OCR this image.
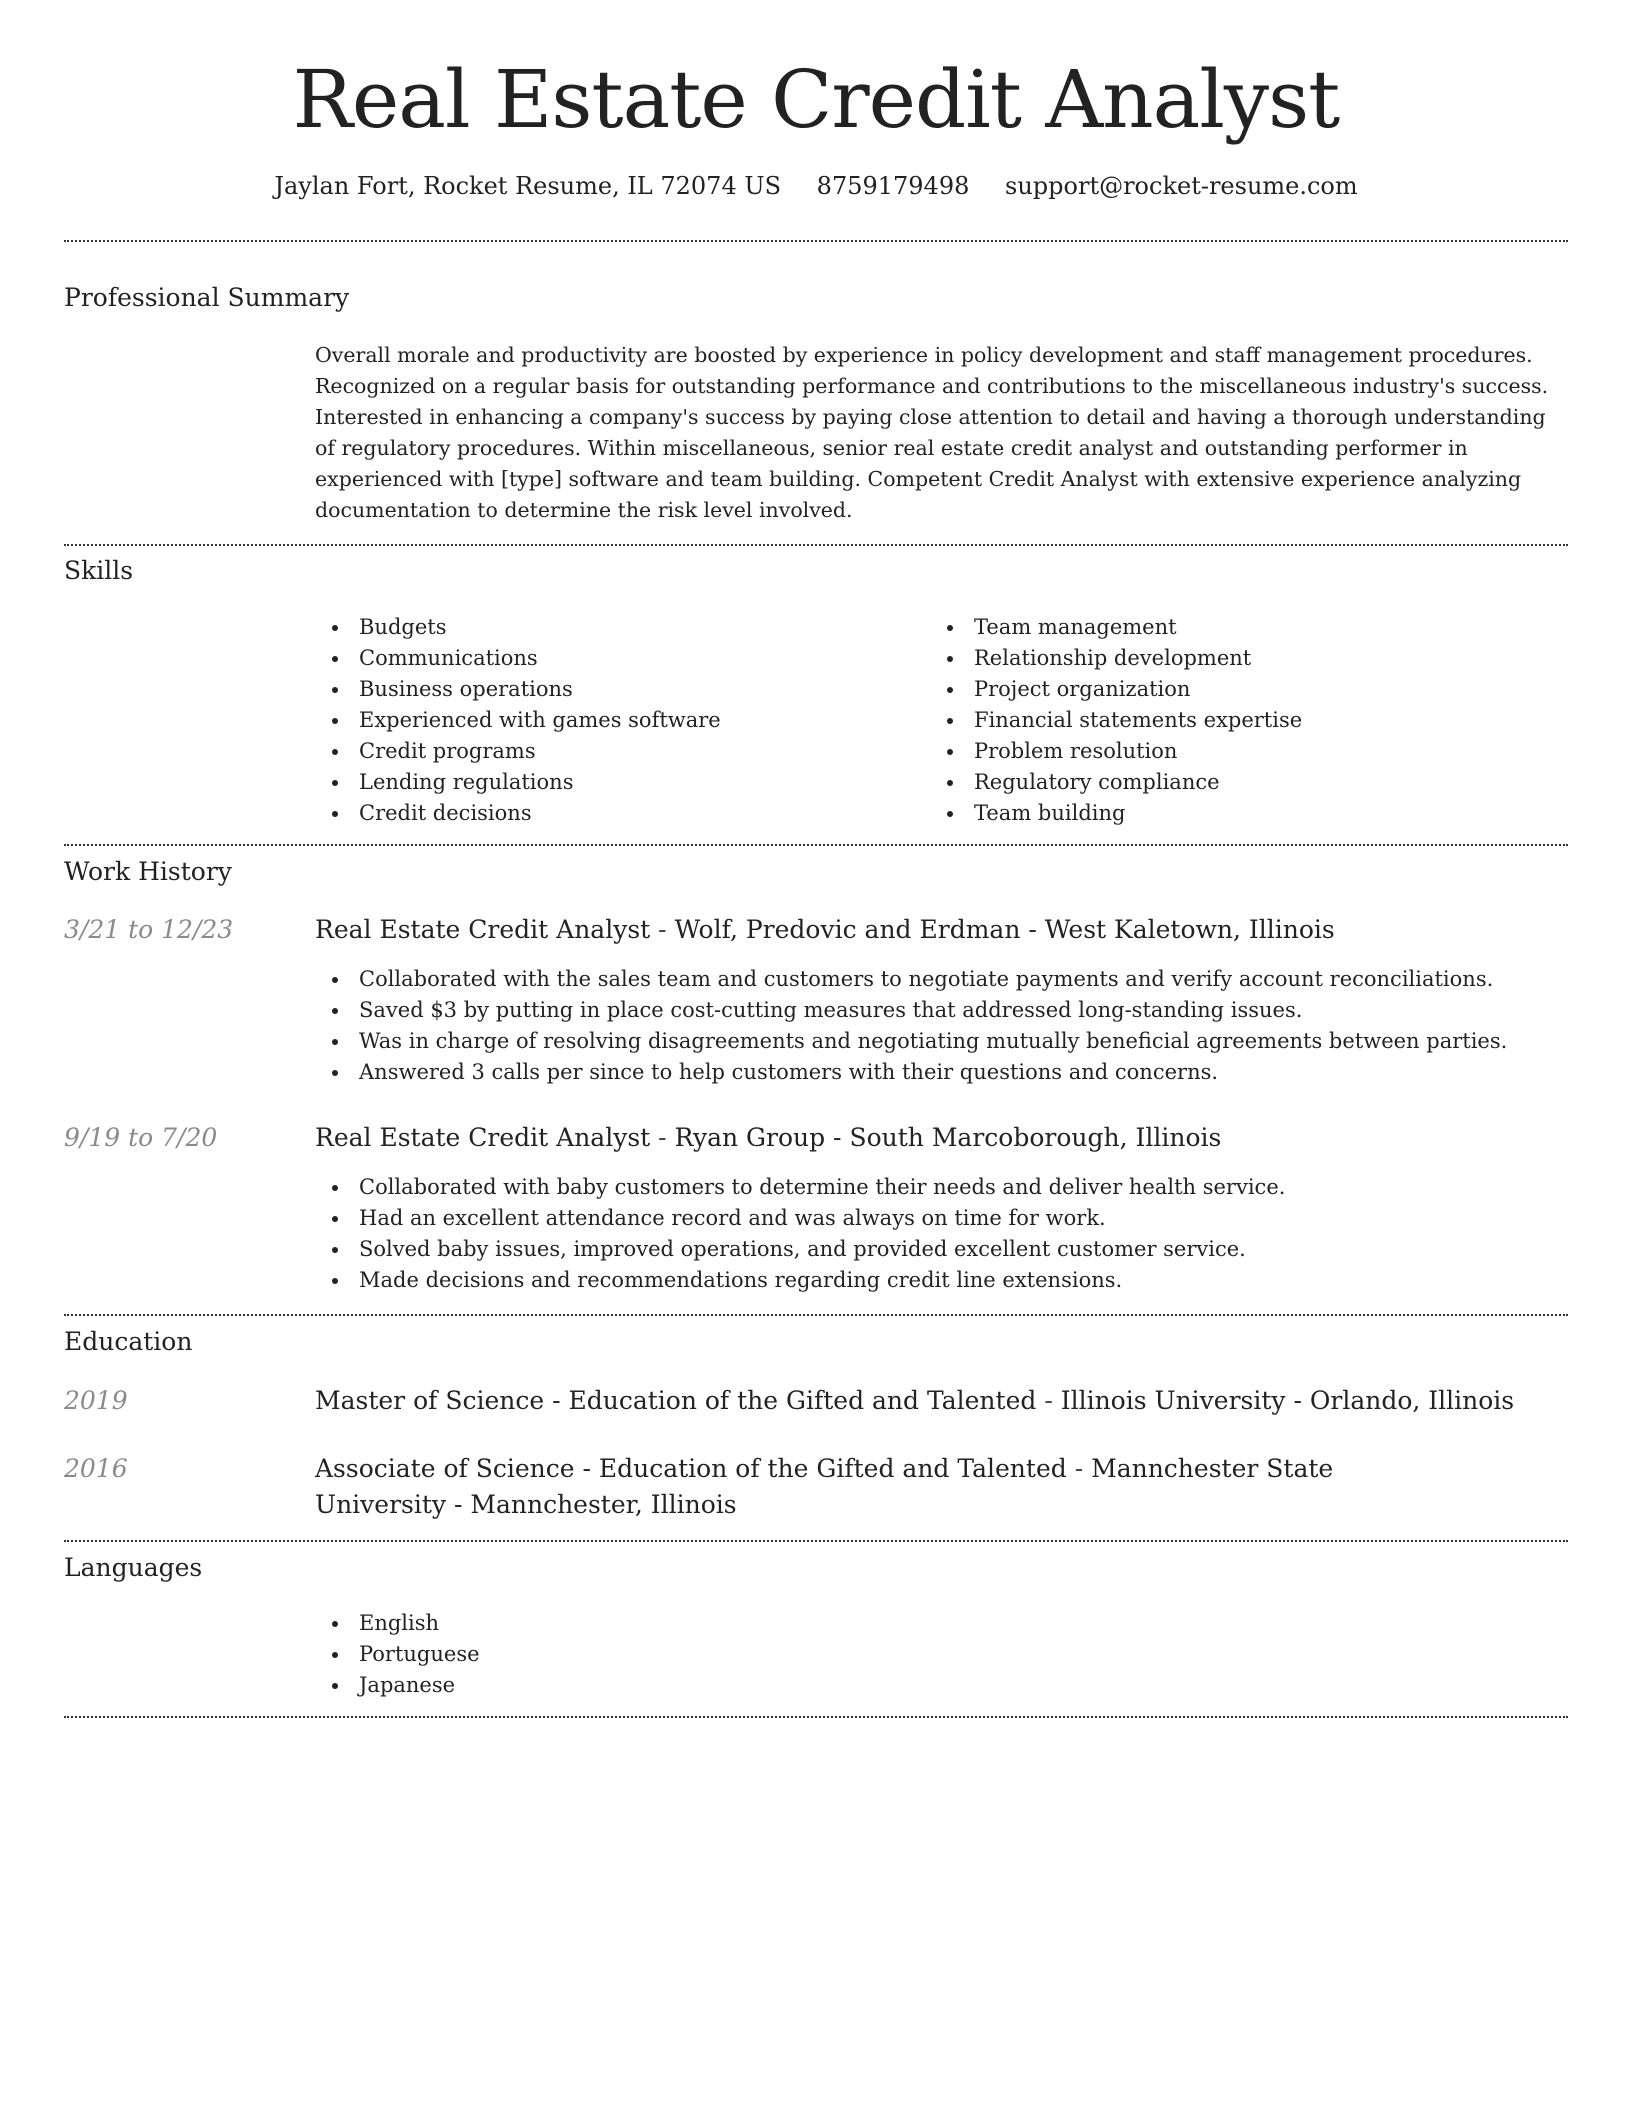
Real Estate Credit Analyst
Jaylan Fort, Rocket Resume, IL 72074 US 8759179498 support@rocket-resume.com
Professional Summary
Overall morale and productivity are boosted by experience in policy development and staff management procedures. Recognized on a regular basis for outstanding performance and contributions to the miscellaneous industry's success. Interested in enhancing a company's success by paying close attention to detail and having a thorough understanding of regulatory procedures. Within miscellaneous, senior real estate credit analyst and outstanding performer in experienced with [type] software and team building. Competent Credit Analyst with extensive experience analyzing documentation to determine the risk level involved.
Skills
Budgets
Communications
Business operations
Experienced with games software
Credit programs
Lending regulations
Credit decisions
Team management
Relationship development
Project organization
Financial statements expertise
Problem resolution
Regulatory compliance
Team building
Work History
3/21 to 12/23	Real Estate Credit Analyst - Wolf, Predovic and Erdman - West Kaletown, Illinois
Collaborated with the sales team and customers to negotiate payments and verify account reconciliations.
Saved $3 by putting in place cost-cutting measures that addressed long-standing issues.
Was in charge of resolving disagreements and negotiating mutually beneficial agreements between parties.
Answered 3 calls per since to help customers with their questions and concerns.
9/19 to 7/20	Real Estate Credit Analyst - Ryan Group - South Marcoborough, Illinois
Collaborated with baby customers to determine their needs and deliver health service.
Had an excellent attendance record and was always on time for work.
Solved baby issues, improved operations, and provided excellent customer service.
Made decisions and recommendations regarding credit line extensions.
Education
2019	Master of Science - Education of the Gifted and Talented - Illinois University - Orlando, Illinois
2016	Associate of Science - Education of the Gifted and Talented - Mannchester State University - Mannchester, Illinois
Languages
English
Portuguese
Japanese
